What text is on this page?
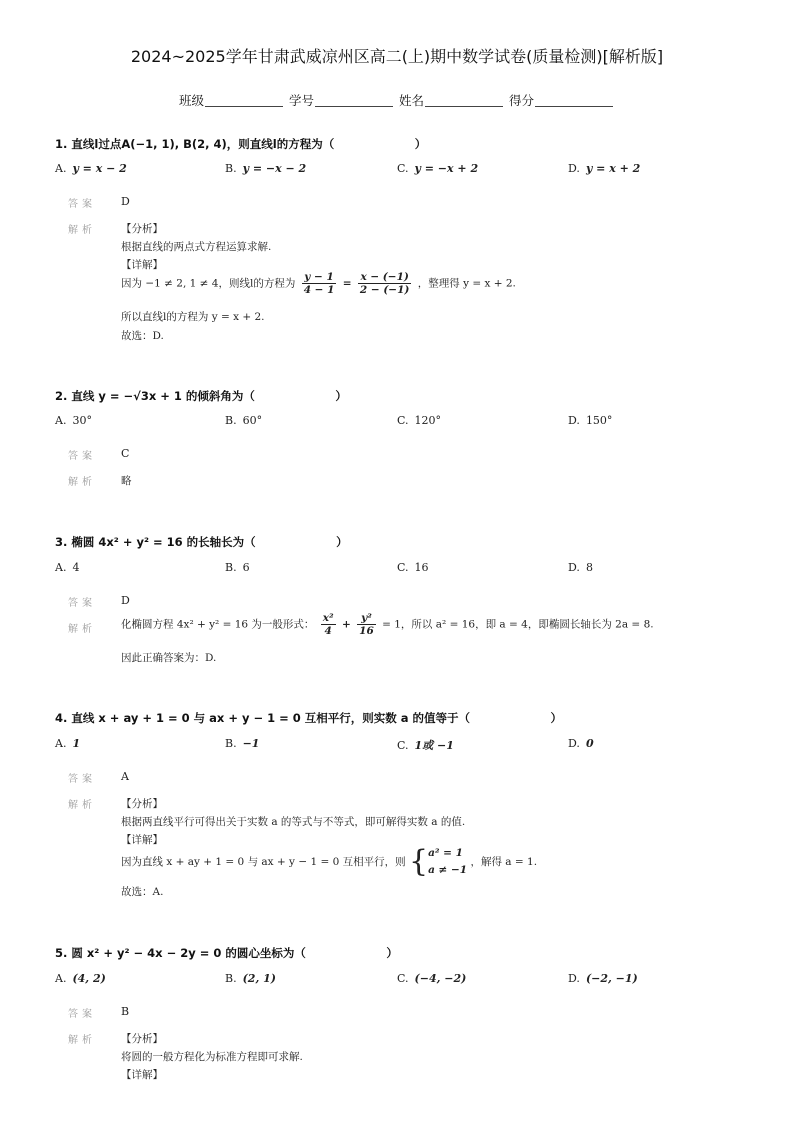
2024~2025学年甘肃武威凉州区高二(上)期中数学试卷(质量检测)[解析版]
班级	学号	姓名	得分
1. 直线l过点A(−1, 1), B(2, 4)，则直线l的方程为（　　　　　　　）
A. y = x − 2	B. y = −x − 2	C. y = −x + 2	D. y = x + 2
答案 D
解析 【分析】
根据直线的两点式方程运算求解.
【详解】
因为 −1 ≠ 2, 1 ≠ 4，则线l的方程为 $\frac{y - 1}{4 - 1} = \frac{x - (-1)}{2 - (-1)}$ ，整理得 y = x + 2.
所以直线l的方程为 y = x + 2.
故选：D.
2. 直线 y = −√3x + 1 的倾斜角为（　　　　　　　）
A. 30°	B. 60°	C. 120°	D. 150°
答案 C
解析 略
3. 椭圆 4x² + y² = 16 的长轴长为（　　　　　　　）
A. 4	B. 6	C. 16	D. 8
答案 D
解析 化椭圆方程 4x² + y² = 16 为一般形式： $\frac{\text{x²}}{4} + \frac{\text{y²}}{16} = 1$，所以 a² = 16，即 a = 4，即椭圆长轴长为 2a = 8.
因此正确答案为：D.
4. 直线 x + ay + 1 = 0 与 ax + y − 1 = 0 互相平行，则实数 a 的值等于（　　　　　　　）
A. 1	B. −1	C. 1或 −1	D. 0
答案 A
解析 【分析】
根据两直线平行可得出关于实数 a 的等式与不等式，即可解得实数 a 的值.
【详解】
因为直线 x + ay + 1 = 0 与 ax + y − 1 = 0 互相平行，则 { a² = 1
a ≠ −1
，解得 a = 1.
故选：A.
5. 圆 x² + y² − 4x − 2y = 0 的圆心坐标为（　　　　　　　）
A. (4, 2)	B. (2, 1)	C. (−4, −2)	D. (−2, −1)
答案 B
解析 【分析】
将圆的一般方程化为标准方程即可求解.
【详解】
